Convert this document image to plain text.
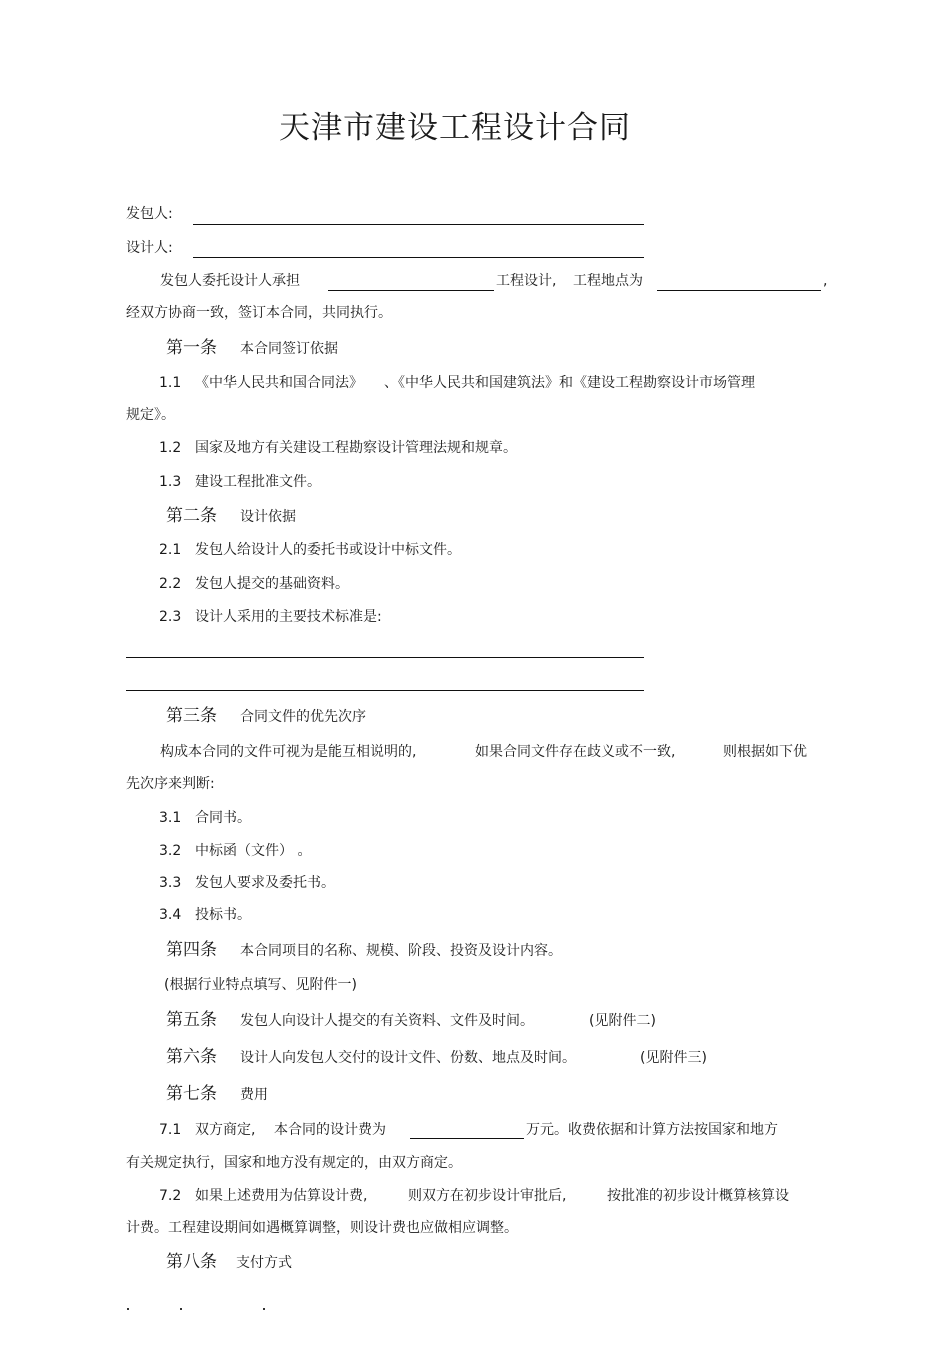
天津市建设工程设计合同
发包人:
设计人:
发包人委托设计人承担	工程设计, 工程地点为	,
经双方协商一致，签订本合同，共同执行。
第一条 本合同签订依据
1.1 《中华人民共和国合同法》 、《中华人民共和国建筑法》和《建设工程勘察设计市场管理
规定》。
1.2 国家及地方有关建设工程勘察设计管理法规和规章。
1.3 建设工程批准文件。
第二条 设计依据
2.1 发包人给设计人的委托书或设计中标文件。
2.2 发包人提交的基础资料。
2.3 设计人采用的主要技术标准是:
第三条 合同文件的优先次序
构成本合同的文件可视为是能互相说明的,	如果合同文件存在歧义或不一致,	则根据如下优
先次序来判断:
3.1 合同书。
3.2 中标函（文件） 。
3.3 发包人要求及委托书。
3.4 投标书。
第四条 本合同项目的名称、规模、阶段、投资及设计内容。
(根据行业特点填写、见附件一)
第五条 发包人向设计人提交的有关资料、文件及时间。	(见附件二)
第六条 设计人向发包人交付的设计文件、份数、地点及时间。	(见附件三)
第七条 费用
7.1 双方商定, 本合同的设计费为	万元。收费依据和计算方法按国家和地方
有关规定执行，国家和地方没有规定的，由双方商定。
7.2 如果上述费用为估算设计费,	则双方在初步设计审批后,	按批准的初步设计概算核算设
计费。工程建设期间如遇概算调整，则设计费也应做相应调整。
第八条 支付方式
